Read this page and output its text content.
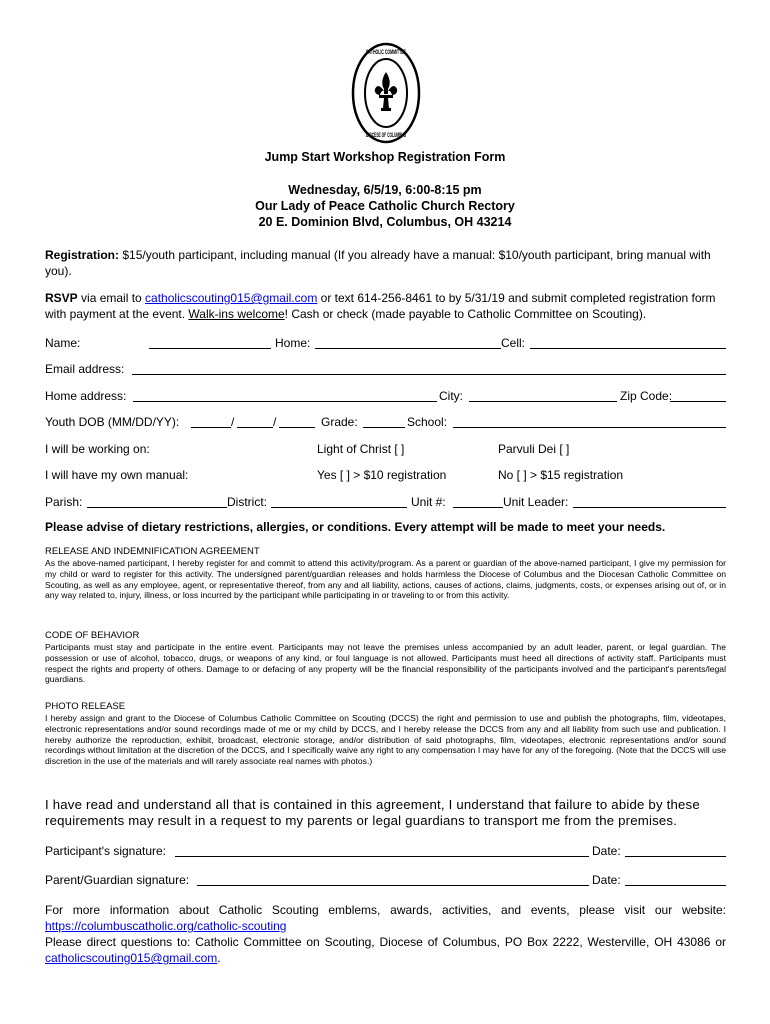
CATHOLIC COMMITTEE
DIOCESE OF COLUMBUS
Jump Start Workshop Registration Form
Wednesday, 6/5/19, 6:00-8:15 pm
Our Lady of Peace Catholic Church Rectory
20 E. Dominion Blvd, Columbus, OH 43214
Registration: $15/youth participant, including manual (If you already have a manual: $10/youth participant, bring manual with you).
RSVP via email to catholicscouting015@gmail.com or text 614-256-8461 to by 5/31/19 and submit completed registration form with payment at the event. Walk-ins welcome! Cash or check (made payable to Catholic Committee on Scouting).
Name:	Home:	Cell:
Email address:
Home address:	City:	Zip Code:
Youth DOB (MM/DD/YY):	/	/	Grade:	School:
I will be working on:	Light of Christ [ ]	Parvuli Dei [ ]
I will have my own manual:	Yes [ ] > $10 registration	No [ ] > $15 registration
Parish:	District:	Unit #:	Unit Leader:
Please advise of dietary restrictions, allergies, or conditions. Every attempt will be made to meet your needs.
RELEASE AND INDEMNIFICATION AGREEMENT
As the above-named participant, I hereby register for and commit to attend this activity/program. As a parent or guardian of the above-named participant, I give my permission for my child or ward to register for this activity. The undersigned parent/guardian releases and holds harmless the Diocese of Columbus and the Diocesan Catholic Committee on Scouting, as well as any employee, agent, or representative thereof, from any and all liability, actions, causes of actions, claims, judgments, costs, or expenses arising out of, or in any way related to, injury, illness, or loss incurred by the participant while participating in or traveling to or from this activity.
CODE OF BEHAVIOR
Participants must stay and participate in the entire event. Participants may not leave the premises unless accompanied by an adult leader, parent, or legal guardian. The possession or use of alcohol, tobacco, drugs, or weapons of any kind, or foul language is not allowed. Participants must heed all directions of activity staff. Participants must respect the rights and property of others. Damage to or defacing of any property will be the financial responsibility of the participants involved and the participant's parents/legal guardians.
PHOTO RELEASE
I hereby assign and grant to the Diocese of Columbus Catholic Committee on Scouting (DCCS) the right and permission to use and publish the photographs, film, videotapes, electronic representations and/or sound recordings made of me or my child by DCCS, and I hereby release the DCCS from any and all liability from such use and publication. I hereby authorize the reproduction, exhibit, broadcast, electronic storage, and/or distribution of said photographs, film, videotapes, electronic representations and/or sound recordings without limitation at the discretion of the DCCS, and I specifically waive any right to any compensation I may have for any of the foregoing. (Note that the DCCS will use discretion in the use of the materials and will rarely associate real names with photos.)
I have read and understand all that is contained in this agreement, I understand that failure to abide by these requirements may result in a request to my parents or legal guardians to transport me from the premises.
Participant's signature:	Date:
Parent/Guardian signature:	Date:
For more information about Catholic Scouting emblems, awards, activities, and events, please visit our website: https://columbuscatholic.org/catholic-scouting
Please direct questions to: Catholic Committee on Scouting, Diocese of Columbus, PO Box 2222, Westerville, OH 43086 or catholicscouting015@gmail.com.
